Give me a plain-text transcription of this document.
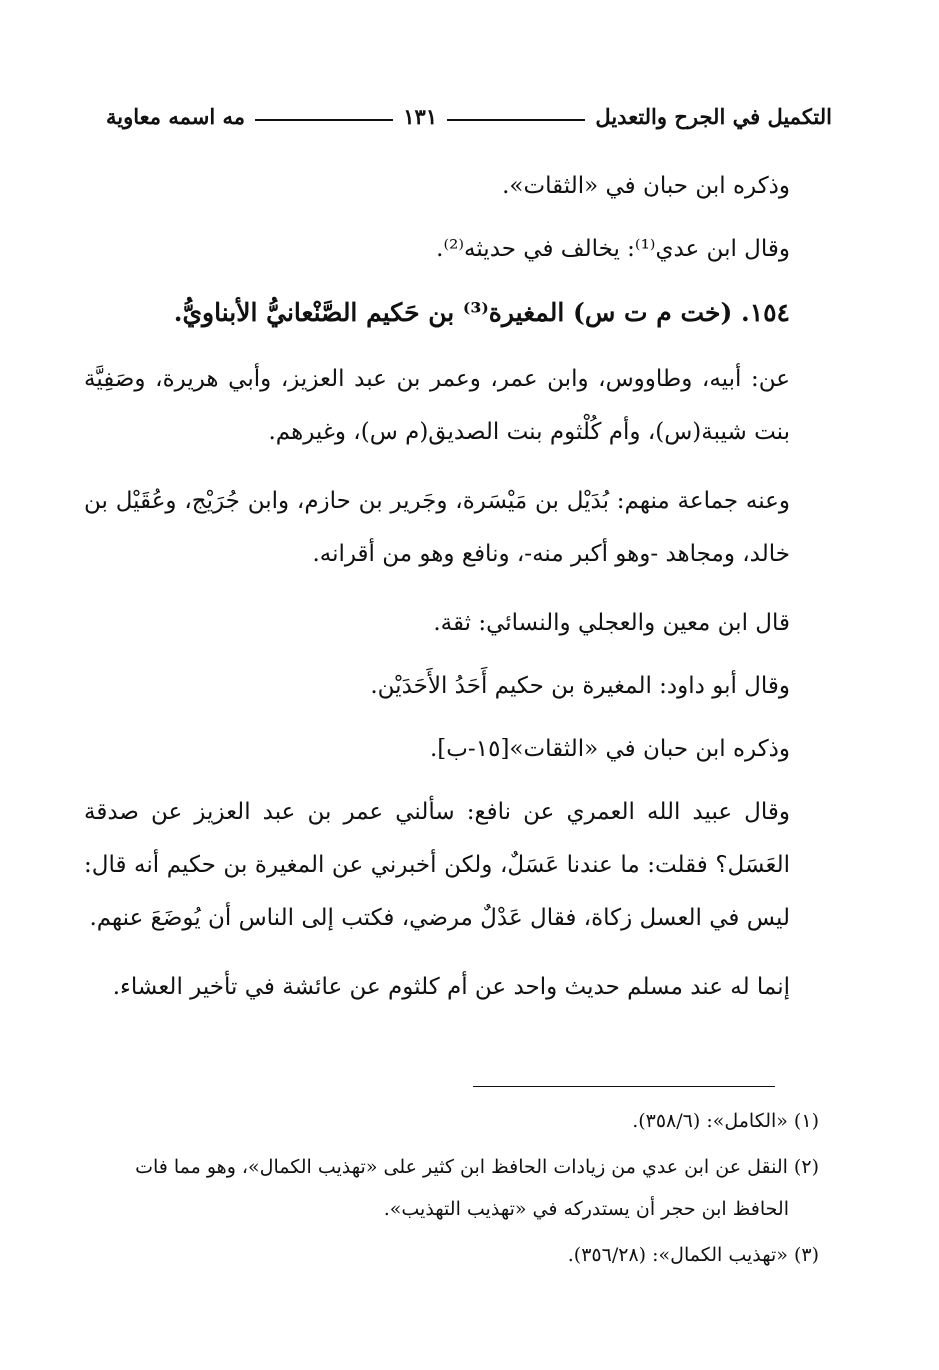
التكميل في الجرح والتعديل
١٣١
مه اسمه معاوية

وذكره ابن حبان في «الثقات».

وقال ابن عدي⁽¹⁾: يخالف في حديثه⁽²⁾.

١٥٤. (خت م ت س) المغيرة⁽³⁾ بن حَكيم الصَّنْعانيُّ الأبناويُّ.

عن: أبيه، وطاووس، وابن عمر، وعمر بن عبد العزيز، وأبي هريرة، وصَفِيَّة بنت شيبة(س)، وأم كُلْثوم بنت الصديق(م س)، وغيرهم.

وعنه جماعة منهم: بُدَيْل بن مَيْسَرة، وجَرير بن حازم، وابن جُرَيْج، وعُقَيْل بن خالد، ومجاهد -وهو أكبر منه-، ونافع وهو من أقرانه.

قال ابن معين والعجلي والنسائي: ثقة.

وقال أبو داود: المغيرة بن حكيم أَحَدُ الأَحَدَيْن.

وذكره ابن حبان في «الثقات»[١٥-ب].

وقال عبيد الله العمري عن نافع: سألني عمر بن عبد العزيز عن صدقة العَسَل؟ فقلت: ما عندنا عَسَلٌ، ولكن أخبرني عن المغيرة بن حكيم أنه قال: ليس في العسل زكاة، فقال عَدْلٌ مرضي، فكتب إلى الناس أن يُوضَعَ عنهم.

إنما له عند مسلم حديث واحد عن أم كلثوم عن عائشة في تأخير العشاء.

(١) «الكامل»: (٣٥٨/٦).

(٢) النقل عن ابن عدي من زيادات الحافظ ابن كثير على «تهذيب الكمال»، وهو مما فات

الحافظ ابن حجر أن يستدركه في «تهذيب التهذيب».

(٣) «تهذيب الكمال»: (٣٥٦/٢٨).
